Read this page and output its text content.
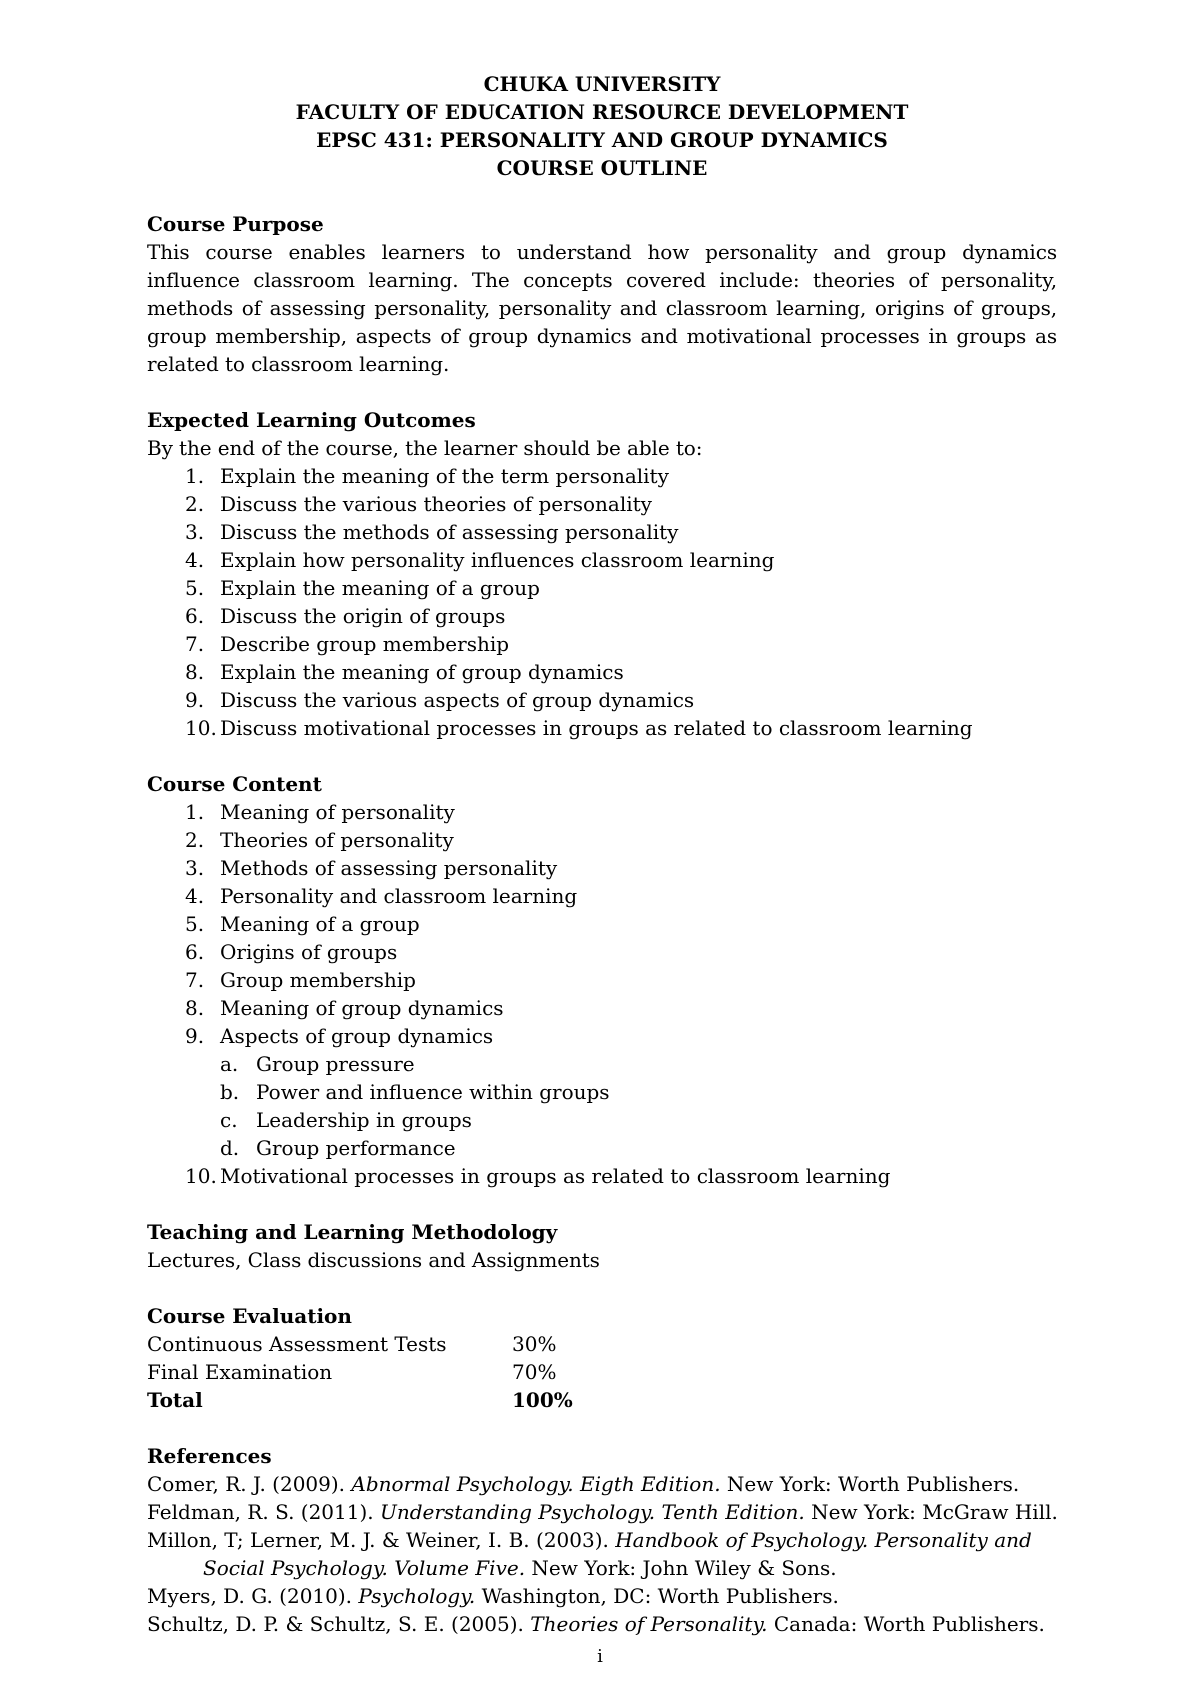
CHUKA UNIVERSITY
FACULTY OF EDUCATION RESOURCE DEVELOPMENT
EPSC 431: PERSONALITY AND GROUP DYNAMICS
COURSE OUTLINE
Course Purpose
This course enables learners to understand how personality and group dynamics influence classroom learning. The concepts covered include: theories of personality, methods of assessing personality, personality and classroom learning, origins of groups, group membership, aspects of group dynamics and motivational processes in groups as related to classroom learning.
Expected Learning Outcomes
By the end of the course, the learner should be able to:
1. Explain the meaning of the term personality
2. Discuss the various theories of personality
3. Discuss the methods of assessing personality
4. Explain how personality influences classroom learning
5. Explain the meaning of a group
6. Discuss the origin of groups
7. Describe group membership
8. Explain the meaning of group dynamics
9. Discuss the various aspects of group dynamics
10. Discuss motivational processes in groups as related to classroom learning
Course Content
1. Meaning of personality
2. Theories of personality
3. Methods of assessing personality
4. Personality and classroom learning
5. Meaning of a group
6. Origins of groups
7. Group membership
8. Meaning of group dynamics
9. Aspects of group dynamics
a. Group pressure
b. Power and influence within groups
c. Leadership in groups
d. Group performance
10. Motivational processes in groups as related to classroom learning
Teaching and Learning Methodology
Lectures, Class discussions and Assignments
Course Evaluation
Continuous Assessment Tests	30%
Final Examination	70%
Total	100%
References
Comer, R. J. (2009). Abnormal Psychology. Eigth Edition. New York: Worth Publishers.
Feldman, R. S. (2011). Understanding Psychology. Tenth Edition. New York: McGraw Hill.
Millon, T; Lerner, M. J. & Weiner, I. B. (2003). Handbook of Psychology. Personality and
Social Psychology. Volume Five. New York: John Wiley & Sons.
Myers, D. G. (2010). Psychology. Washington, DC: Worth Publishers.
Schultz, D. P. & Schultz, S. E. (2005). Theories of Personality. Canada: Worth Publishers.
i
